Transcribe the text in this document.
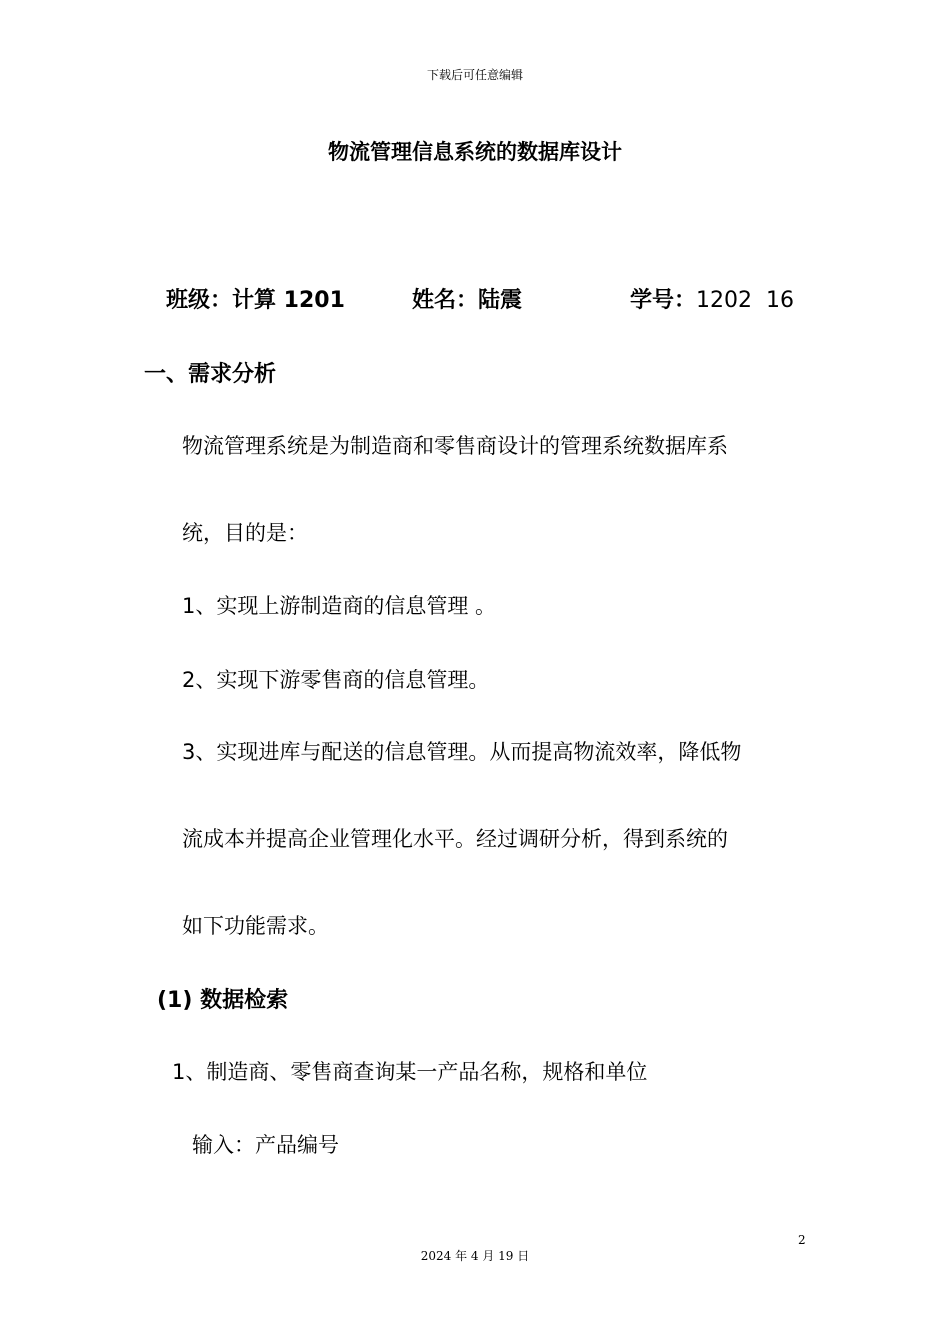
下载后可任意编辑
物流管理信息系统的数据库设计
班级：计算 1201	姓名：陆震	学号：1202  16
一、需求分析
物流管理系统是为制造商和零售商设计的管理系统数据库系
统，目的是：
1、实现上游制造商的信息管理 。
2、实现下游零售商的信息管理。
3、实现进库与配送的信息管理。从而提高物流效率，降低物
流成本并提高企业管理化水平。经过调研分析，得到系统的
如下功能需求。
(1) 数据检索
1、制造商、零售商查询某一产品名称，规格和单位
输入：产品编号
2
2024 年 4 月 19 日
